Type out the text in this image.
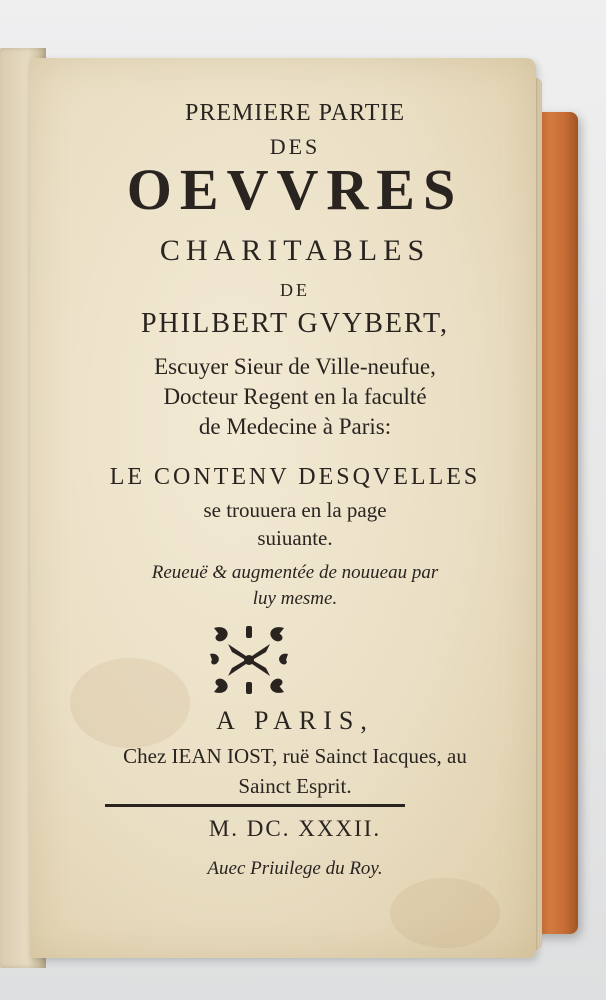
PREMIERE PARTIE
DES
OEVVRES
CHARITABLES
DE
PHILBERT GVYBERT,
Escuyer Sieur de Ville-neufue,
Docteur Regent en la faculté
de Medecine à Paris:
LE CONTENV DESQVELLES
se trouuera en la page
suiuante.
Reueuë & augmentée de nouueau par
luy mesme.
A PARIS,
Chez IEAN IOST, ruë Sainct Iacques, au
Sainct Esprit.
M. DC. XXXII.
Auec Priuilege du Roy.
